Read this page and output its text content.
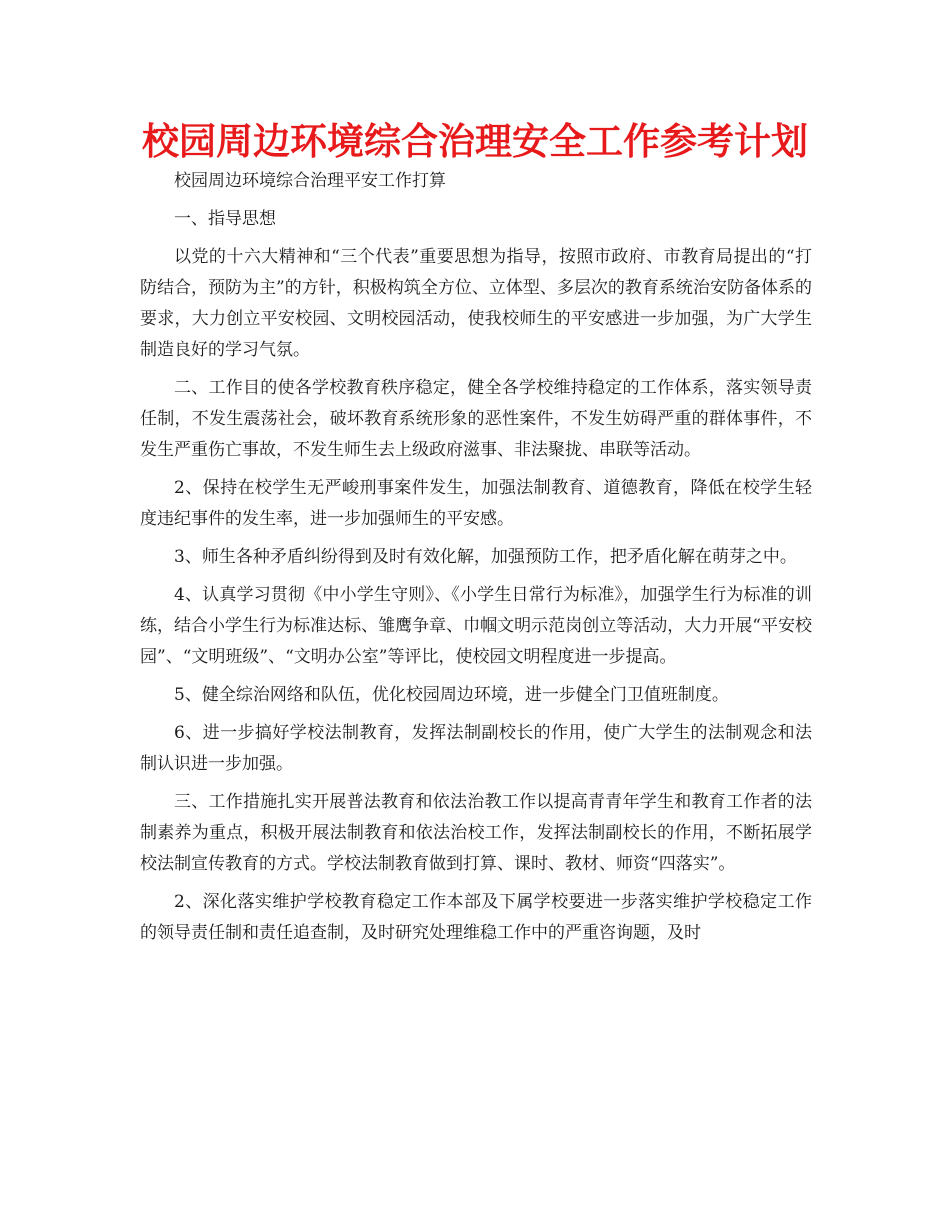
校园周边环境综合治理安全工作参考计划

校园周边环境综合治理平安工作打算

一、指导思想

以党的十六大精神和“三个代表”重要思想为指导，按照市政府、市教育局提出的“打防结合，预防为主”的方针，积极构筑全方位、立体型、多层次的教育系统治安防备体系的要求，大力创立平安校园、文明校园活动，使我校师生的平安感进一步加强，为广大学生制造良好的学习气氛。

二、工作目的使各学校教育秩序稳定，健全各学校维持稳定的工作体系，落实领导责任制，不发生震荡社会，破坏教育系统形象的恶性案件，不发生妨碍严重的群体事件，不发生严重伤亡事故，不发生师生去上级政府滋事、非法聚拢、串联等活动。

2、保持在校学生无严峻刑事案件发生，加强法制教育、道德教育，降低在校学生轻度违纪事件的发生率，进一步加强师生的平安感。

3、师生各种矛盾纠纷得到及时有效化解，加强预防工作，把矛盾化解在萌芽之中。

4、认真学习贯彻《中小学生守则》、《小学生日常行为标准》，加强学生行为标准的训练，结合小学生行为标准达标、雏鹰争章、巾帼文明示范岗创立等活动，大力开展“平安校园”、“文明班级”、“文明办公室”等评比，使校园文明程度进一步提高。

5、健全综治网络和队伍，优化校园周边环境，进一步健全门卫值班制度。

6、进一步搞好学校法制教育，发挥法制副校长的作用，使广大学生的法制观念和法制认识进一步加强。

三、工作措施扎实开展普法教育和依法治教工作以提高青青年学生和教育工作者的法制素养为重点，积极开展法制教育和依法治校工作，发挥法制副校长的作用，不断拓展学校法制宣传教育的方式。学校法制教育做到打算、课时、教材、师资“四落实”。

2、深化落实维护学校教育稳定工作本部及下属学校要进一步落实维护学校稳定工作的领导责任制和责任追查制，及时研究处理维稳工作中的严重咨询题，及时
